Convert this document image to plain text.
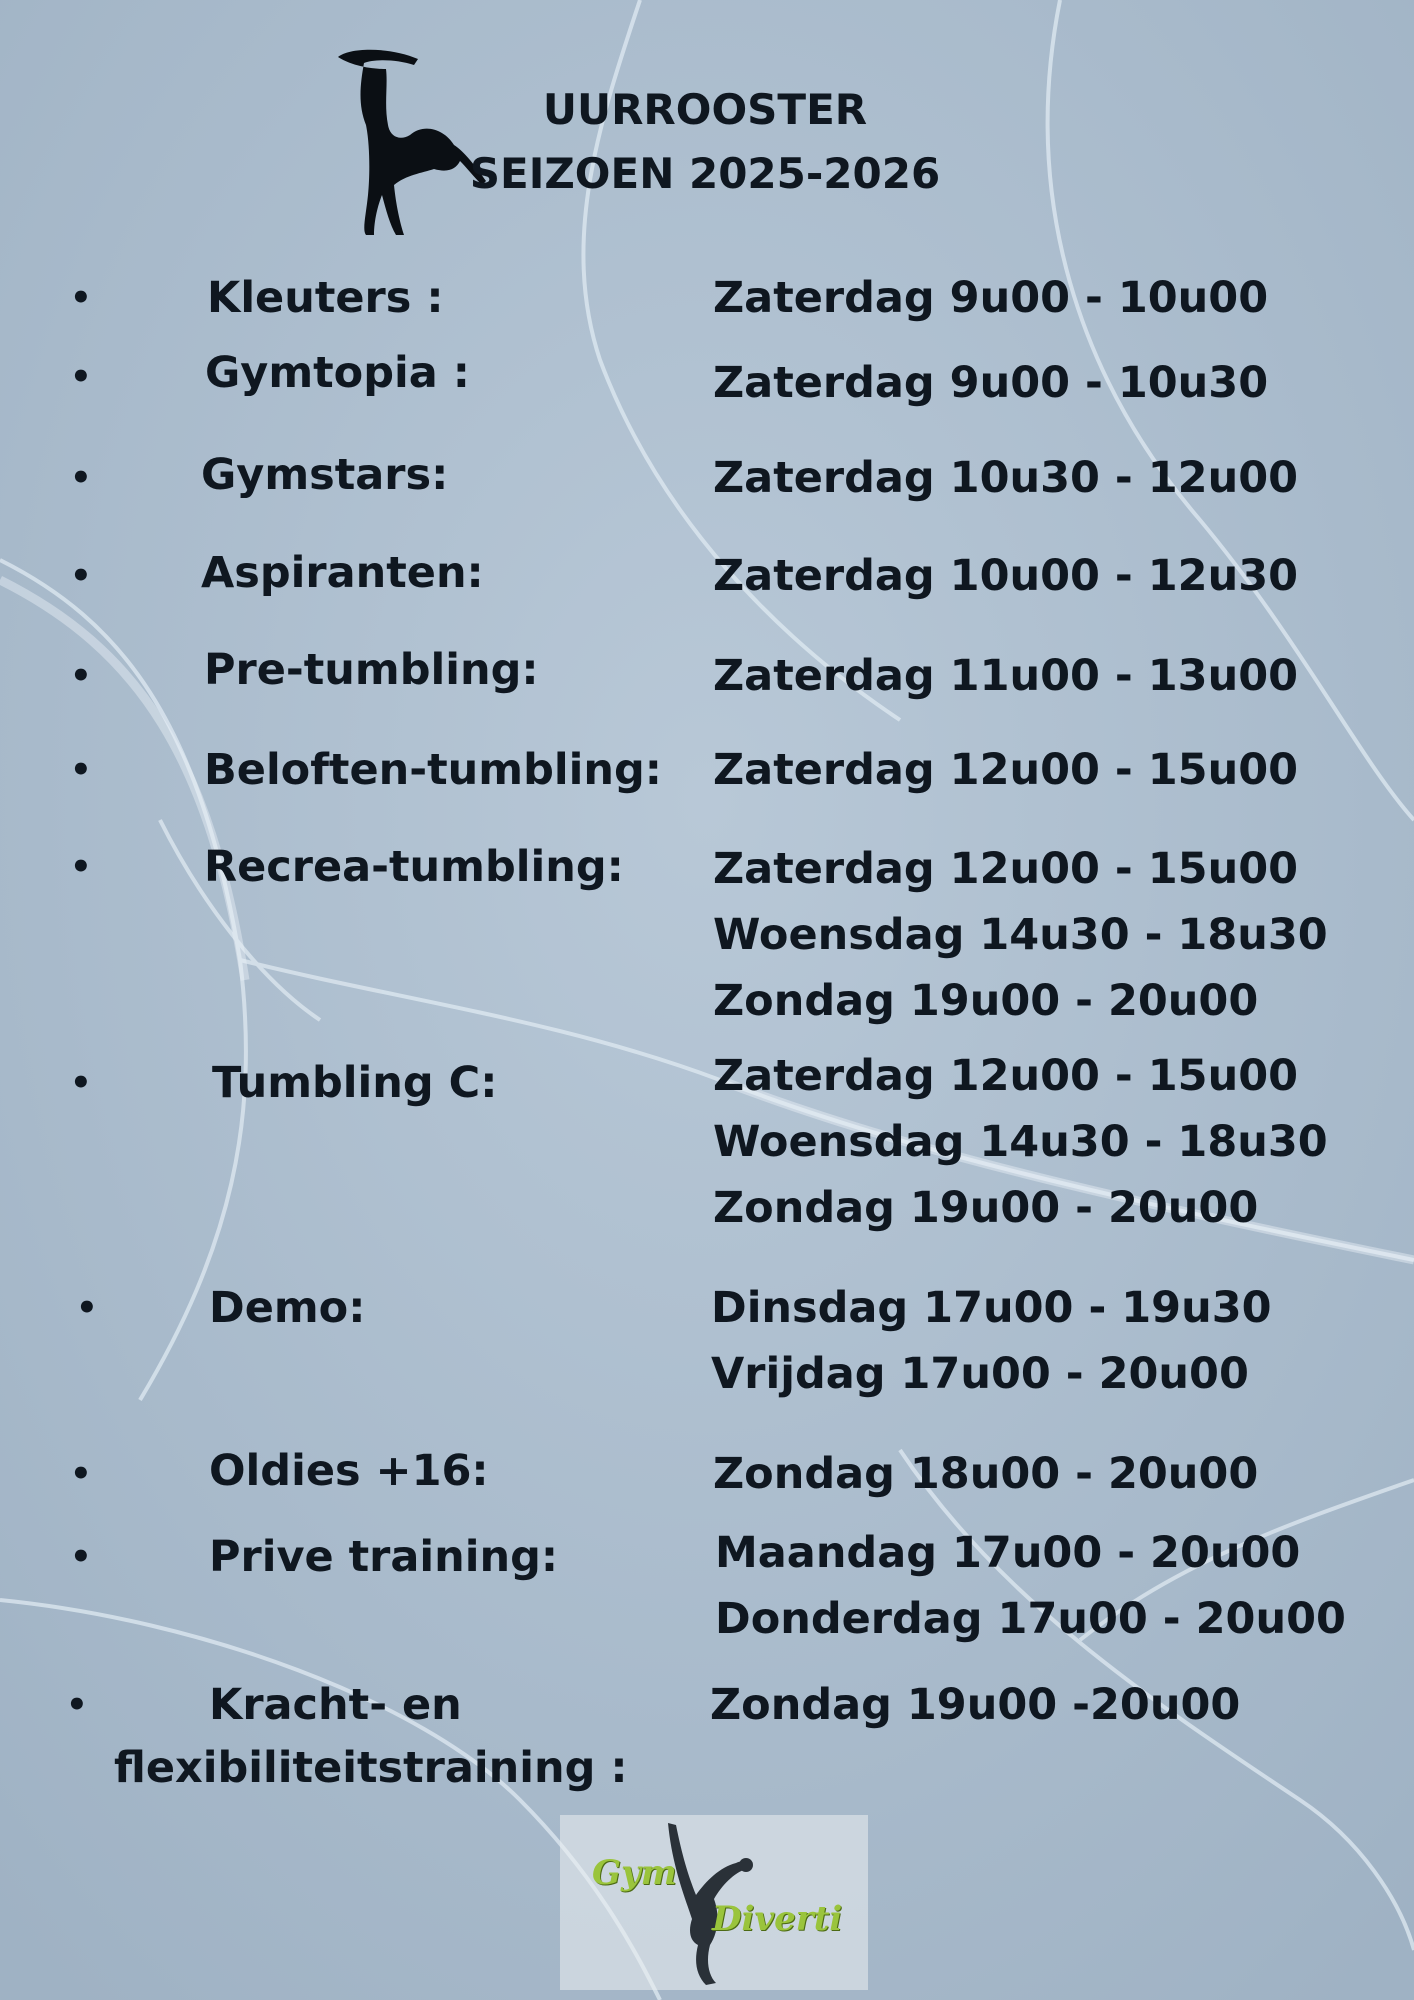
UURROOSTER
SEIZOEN 2025-2026
•	Kleuters :	Zaterdag 9u00 - 10u00
•	Gymtopia :	Zaterdag 9u00 - 10u30
•	Gymstars:	Zaterdag 10u30 - 12u00
•	Aspiranten:	Zaterdag 10u00 - 12u30
•	Pre-tumbling:	Zaterdag 11u00 - 13u00
•	Beloften-tumbling: Zaterdag 12u00 - 15u00
•	Recrea-tumbling: Zaterdag 12u00 - 15u00
Woensdag 14u30 - 18u30
Zondag 19u00 - 20u00
•	Tumbling C:	Zaterdag 12u00 - 15u00
Woensdag 14u30 - 18u30
Zondag 19u00 - 20u00
•	Demo:	Dinsdag 17u00 - 19u30
Vrijdag 17u00 - 20u00
•	Oldies +16:	Zondag 18u00 - 20u00
•	Prive training:	Maandag 17u00 - 20u00
Donderdag 17u00 - 20u00
•	Kracht- en
flexibiliteitstraining :
Zondag 19u00 -20u00
Gym
Diverti
